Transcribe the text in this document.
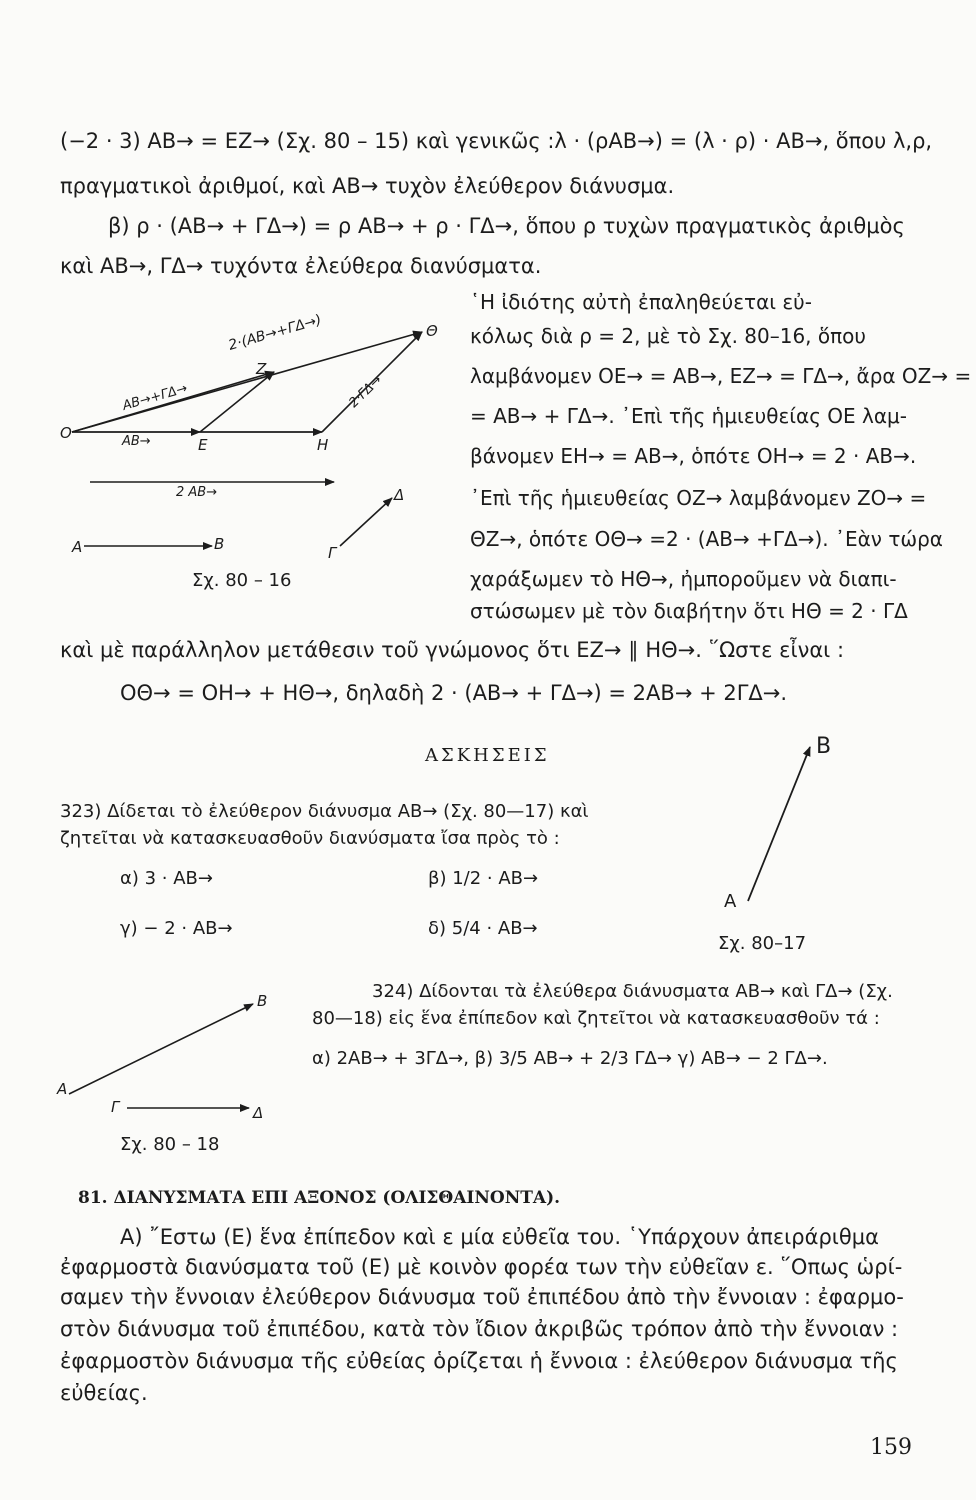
(−2 · 3) AB→ = EZ→ (Σχ. 80 – 15) καὶ γενικῶς :λ · (ρAB→) = (λ · ρ) · AB→, ὅπου λ,ρ,
πραγματικοὶ ἀριθμοί, καὶ AB→ τυχὸν ἐλεύθερον διάνυσμα.
β) ρ · (AB→ + ΓΔ→) = ρ AB→ + ρ · ΓΔ→, ὅπου ρ τυχὼν πραγματικὸς ἀριθμὸς
καὶ AB→, ΓΔ→ τυχόντα ἐλεύθερα διανύσματα.
῾Η ἰδιότης αὐτὴ ἐπαληθεύεται εὐ-
κόλως διὰ ρ = 2, μὲ τὸ Σχ. 80–16, ὅπου
λαμβάνομεν OE→ = AB→, EZ→ = ΓΔ→, ἄρα OZ→ =
= AB→ + ΓΔ→. ᾿Επὶ τῆς ἡμιευθείας OE λαμ-
βάνομεν EH→ = AB→, ὁπότε OH→ = 2 · AB→.
᾿Επὶ τῆς ἡμιευθείας OZ→ λαμβάνομεν ZO→ =
ΘZ→, ὁπότε OΘ→ =2 · (AB→ +ΓΔ→). ᾿Εὰν τώρα
χαράξωμεν τὸ HΘ→, ἠμποροῦμεν νὰ διαπι-
στώσωμεν μὲ τὸν διαβήτην ὅτι HΘ = 2 · ΓΔ
O
E	H
Z
Θ
A	B	Γ
Δ
2·(AB→+ΓΔ→)
AB→+ΓΔ→
AB→
2·ΓΔ→
2 AB→
Σχ. 80 – 16
καὶ μὲ παράλληλον μετάθεσιν τοῦ γνώμονος ὅτι EZ→ ∥ HΘ→. ῞Ωστε εἶναι :
OΘ→ = OH→ + HΘ→, δηλαδὴ 2 · (AB→ + ΓΔ→) = 2AB→ + 2ΓΔ→.
ΑΣΚΗΣΕΙΣ
323) Δίδεται τὸ ἐλεύθερον διάνυσμα AB→ (Σχ. 80—17) καὶ
ζητεῖται νὰ κατασκευασθοῦν διανύσματα ἴσα πρὸς τὸ :
α) 3 · AB→	β) 1/2 · AB→
γ) − 2 · AB→	δ) 5/4 · AB→
A
B
Σχ. 80–17
324) Δίδονται τὰ ἐλεύθερα διάνυσματα AB→ καὶ ΓΔ→ (Σχ.
80—18) εἰς ἕνα ἐπίπεδον καὶ ζητεῖτοι νὰ κατασκευασθοῦν τά :
α) 2AB→ + 3ΓΔ→, β) 3/5 AB→ + 2/3 ΓΔ→ γ) AB→ − 2 ΓΔ→.
A
B
Γ	Δ
Σχ. 80 – 18
81. ΔΙΑΝΥΣΜΑΤΑ ΕΠΙ ΑΞΟΝΟΣ (ΟΛΙΣΘΑΙΝΟΝΤΑ).
Α) ῎Εστω (Ε) ἕνα ἐπίπεδον καὶ ε μία εὐθεῖα του. ῾Υπάρχουν ἀπειράριθμα
ἐφαρμοστὰ διανύσματα τοῦ (Ε) μὲ κοινὸν φορέα των τὴν εὐθεῖαν ε. ῞Οπως ὡρί-
σαμεν τὴν ἔννοιαν ἐλεύθερον διάνυσμα τοῦ ἐπιπέδου ἀπὸ τὴν ἔννοιαν : ἐφαρμο-
στὸν διάνυσμα τοῦ ἐπιπέδου, κατὰ τὸν ἴδιον ἀκριβῶς τρόπον ἀπὸ τὴν ἔννοιαν :
ἐφαρμοστὸν διάνυσμα τῆς εὐθείας ὁρίζεται ἡ ἔννοια : ἐλεύθερον διάνυσμα τῆς
εὐθείας.
159
